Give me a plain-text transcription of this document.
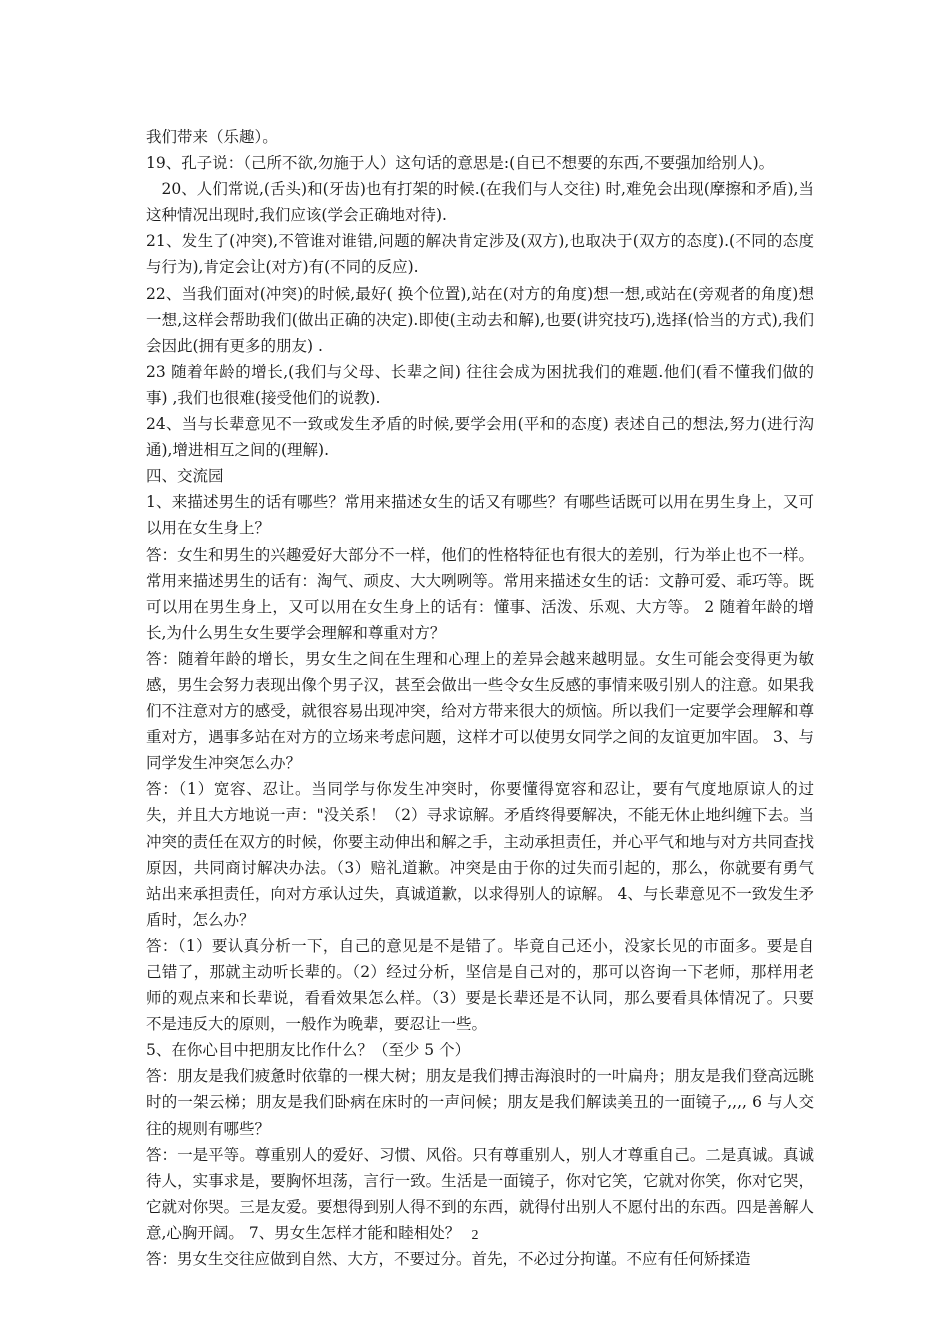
我们带来（乐趣）。

19、孔子说：（己所不欲,勿施于人）这句话的意思是:(自已不想要的东西,不要强加给别人)。

20、人们常说,(舌头)和(牙齿)也有打架的时候.(在我们与人交往) 时,难免会出现(摩擦和矛盾),当这种情况出现时,我们应该(学会正确地对待).

21、发生了(冲突),不管谁对谁错,问题的解决肯定涉及(双方),也取决于(双方的态度).(不同的态度与行为),肯定会让(对方)有(不同的反应).

22、当我们面对(冲突)的时候,最好( 换个位置),站在(对方的角度)想一想,或站在(旁观者的角度)想一想,这样会帮助我们(做出正确的决定).即使(主动去和解),也要(讲究技巧),选择(恰当的方式),我们会因此(拥有更多的朋友) .

23 随着年龄的增长,(我们与父母、长辈之间) 往往会成为困扰我们的难题.他们(看不懂我们做的事) ,我们也很难(接受他们的说教).

24、当与长辈意见不一致或发生矛盾的时候,要学会用(平和的态度) 表述自己的想法,努力(进行沟通),增进相互之间的(理解).

四、交流园

1、来描述男生的话有哪些？常用来描述女生的话又有哪些？有哪些话既可以用在男生身上，又可以用在女生身上？

答：女生和男生的兴趣爱好大部分不一样，他们的性格特征也有很大的差别，行为举止也不一样。常用来描述男生的话有：淘气、顽皮、大大咧咧等。常用来描述女生的话：文静可爱、乖巧等。既可以用在男生身上，又可以用在女生身上的话有：懂事、活泼、乐观、大方等。 2 随着年龄的增长,为什么男生女生要学会理解和尊重对方？

答：随着年龄的增长，男女生之间在生理和心理上的差异会越来越明显。女生可能会变得更为敏感，男生会努力表现出像个男子汉，甚至会做出一些令女生反感的事情来吸引别人的注意。如果我们不注意对方的感受，就很容易出现冲突，给对方带来很大的烦恼。所以我们一定要学会理解和尊重对方，遇事多站在对方的立场来考虑问题，这样才可以使男女同学之间的友谊更加牢固。 3、与同学发生冲突怎么办？

答：（1）宽容、忍让。当同学与你发生冲突时，你要懂得宽容和忍让，要有气度地原谅人的过失，并且大方地说一声："没关系！（2）寻求谅解。矛盾终得要解决，不能无休止地纠缠下去。当冲突的责任在双方的时候，你要主动伸出和解之手，主动承担责任，并心平气和地与对方共同查找原因，共同商讨解决办法。（3）赔礼道歉。冲突是由于你的过失而引起的，那么，你就要有勇气站出来承担责任，向对方承认过失，真诚道歉，以求得别人的谅解。 4、与长辈意见不一致发生矛盾时，怎么办？

答：（1）要认真分析一下，自己的意见是不是错了。毕竟自己还小，没家长见的市面多。要是自己错了，那就主动听长辈的。（2）经过分析，坚信是自己对的，那可以咨询一下老师，那样用老师的观点来和长辈说，看看效果怎么样。（3）要是长辈还是不认同，那么要看具体情况了。只要不是违反大的原则，一般作为晚辈，要忍让一些。

5、在你心目中把朋友比作什么？（至少 5 个）

答：朋友是我们疲惫时依靠的一棵大树；朋友是我们搏击海浪时的一叶扁舟；朋友是我们登高远眺时的一架云梯；朋友是我们卧病在床时的一声问候；朋友是我们解读美丑的一面镜子,,,, 6 与人交往的规则有哪些？

答：一是平等。尊重别人的爱好、习惯、风俗。只有尊重别人，别人才尊重自己。二是真诚。真诚待人，实事求是，要胸怀坦荡，言行一致。生活是一面镜子，你对它笑，它就对你笑，你对它哭，它就对你哭。三是友爱。要想得到别人得不到的东西，就得付出别人不愿付出的东西。四是善解人意,心胸开阔。 7、男女生怎样才能和睦相处？

答：男女生交往应做到自然、大方，不要过分。首先，不必过分拘谨。不应有任何矫揉造

2
